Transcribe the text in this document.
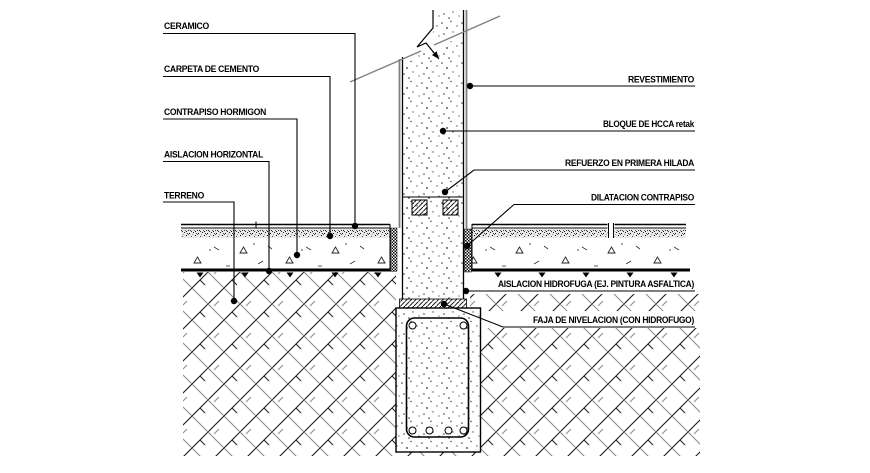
CERAMICO
CARPETA DE CEMENTO
CONTRAPISO HORMIGON
AISLACION HORIZONTAL
TERRENO
REVESTIMIENTO
BLOQUE DE HCCA retak
REFUERZO EN PRIMERA HILADA
DILATACION CONTRAPISO
AISLACION HIDROFUGA (EJ. PINTURA ASFALTICA)
FAJA DE NIVELACION (CON HIDROFUGO)
